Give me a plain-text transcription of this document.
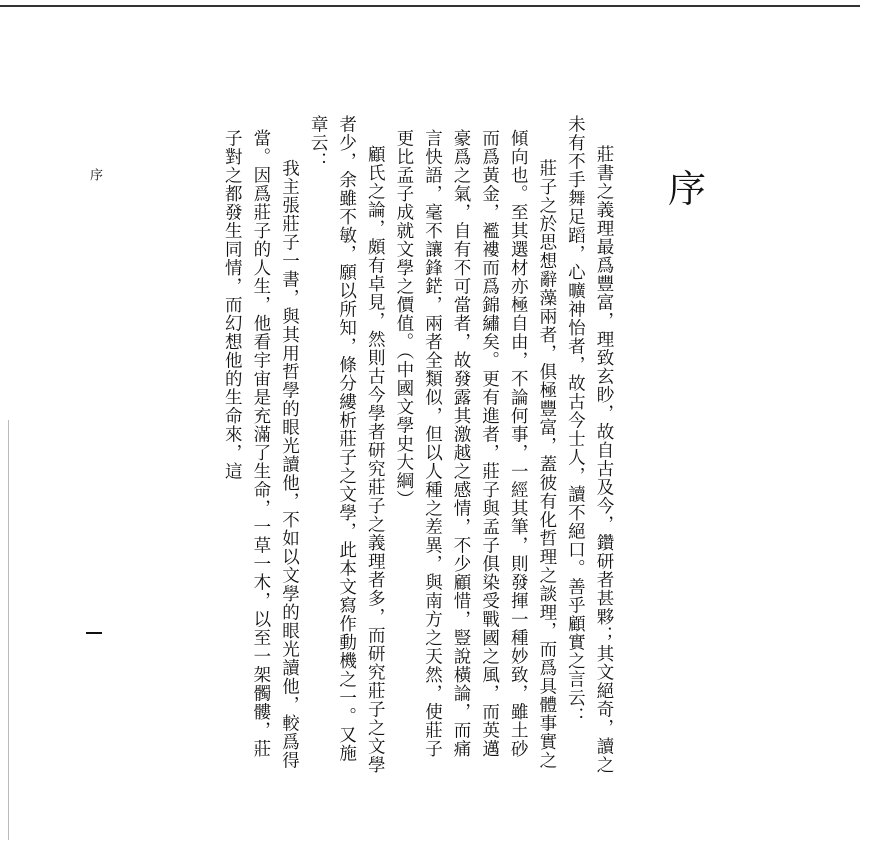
序

莊書之義理最爲豐富，理致玄眇，故自古及今，鑽研者甚夥；其文絕奇，讀之未有不手舞足蹈，心曠神怡者，故古今士人，讀不絕口。善乎顧實之言云：

莊子之於思想辭藻兩者，俱極豐富，蓋彼有化哲理之談理，而爲具體事實之傾向也。至其選材亦極自由，不論何事，一經其筆，則發揮一種妙致，雖土砂而爲黃金，襤褸而爲錦繡矣。更有進者，莊子與孟子俱染受戰國之風，而英邁豪爲之氣，自有不可當者，故發露其激越之感情，不少顧惜，豎說橫論，而痛言快語，毫不讓鋒鋩，兩者全類似，但以人種之差異，與南方之天然，使莊子更比孟子成就文學之價值。（中國文學史大綱）

顧氏之論，頗有卓見，然則古今學者研究莊子之義理者多，而研究莊子之文學者少，余雖不敏，願以所知，條分縷析莊子之文學，此本文寫作動機之一。又施章云：

我主張莊子一書，與其用哲學的眼光讀他，不如以文學的眼光讀他，較爲得當。因爲莊子的人生，他看宇宙是充滿了生命，一草一木，以至一架髑髏，莊子對之都發生同情，而幻想他的生命來，這

序
